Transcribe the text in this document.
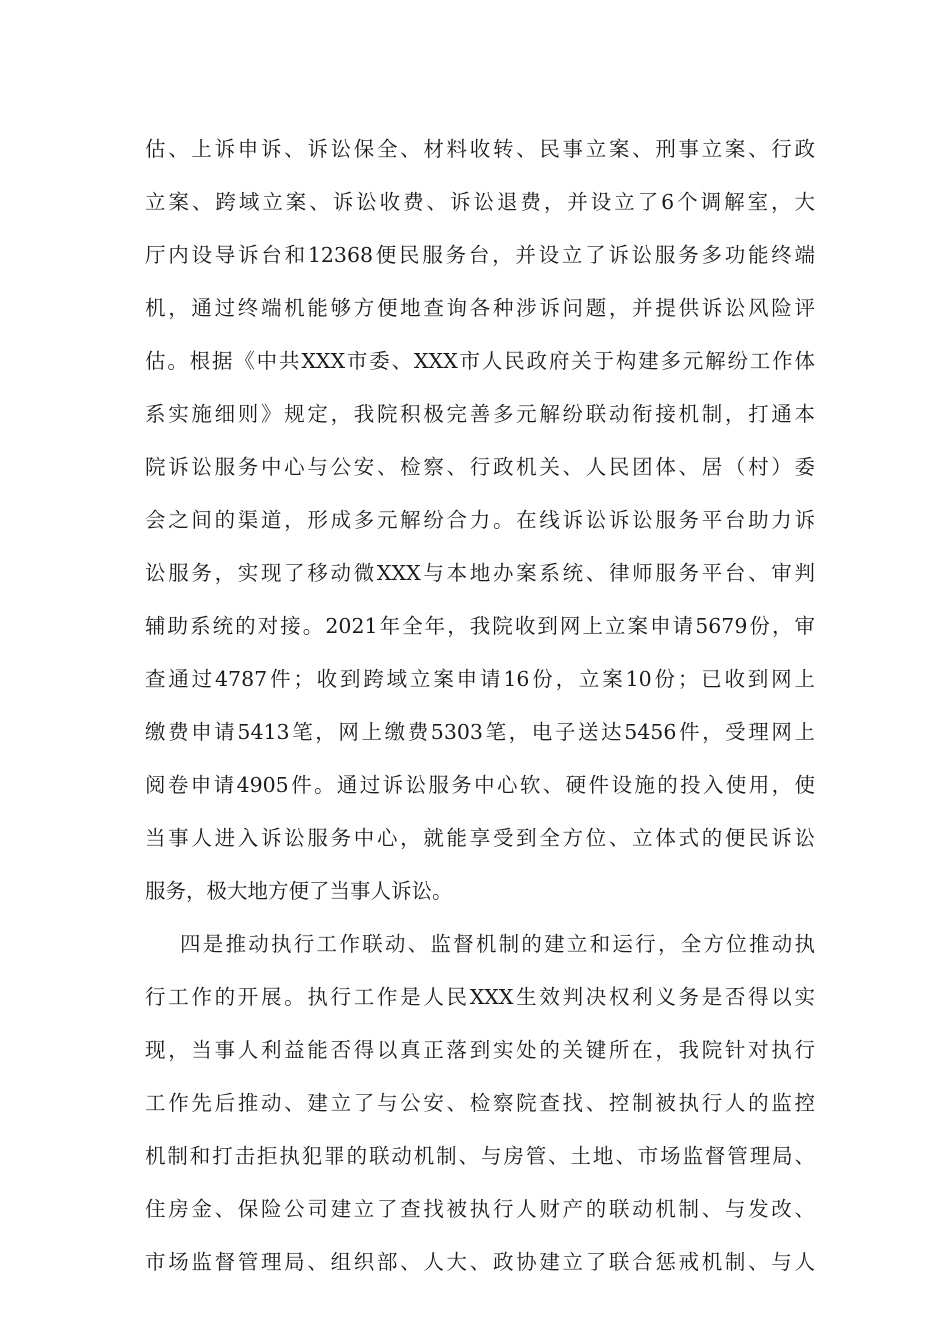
估、上诉申诉、诉讼保全、材料收转、民事立案、刑事立案、行政
立案、跨域立案、诉讼收费、诉讼退费，并设立了6个调解室，大
厅内设导诉台和12368便民服务台，并设立了诉讼服务多功能终端
机，通过终端机能够方便地查询各种涉诉问题，并提供诉讼风险评
估。根据《中共XXX市委、XXX市人民政府关于构建多元解纷工作体
系实施细则》规定，我院积极完善多元解纷联动衔接机制，打通本
院诉讼服务中心与公安、检察、行政机关、人民团体、居（村）委
会之间的渠道，形成多元解纷合力。在线诉讼诉讼服务平台助力诉
讼服务，实现了移动微XXX与本地办案系统、律师服务平台、审判
辅助系统的对接。2021年全年，我院收到网上立案申请5679份，审
查通过4787件；收到跨域立案申请16份，立案10份；已收到网上
缴费申请5413笔，网上缴费5303笔，电子送达5456件，受理网上
阅卷申请4905件。通过诉讼服务中心软、硬件设施的投入使用，使
当事人进入诉讼服务中心，就能享受到全方位、立体式的便民诉讼
服务，极大地方便了当事人诉讼。
四是推动执行工作联动、监督机制的建立和运行，全方位推动执
行工作的开展。执行工作是人民XXX生效判决权利义务是否得以实
现，当事人利益能否得以真正落到实处的关键所在，我院针对执行
工作先后推动、建立了与公安、检察院查找、控制被执行人的监控
机制和打击拒执犯罪的联动机制、与房管、土地、市场监督管理局、
住房金、保险公司建立了查找被执行人财产的联动机制、与发改、
市场监督管理局、组织部、人大、政协建立了联合惩戒机制、与人
